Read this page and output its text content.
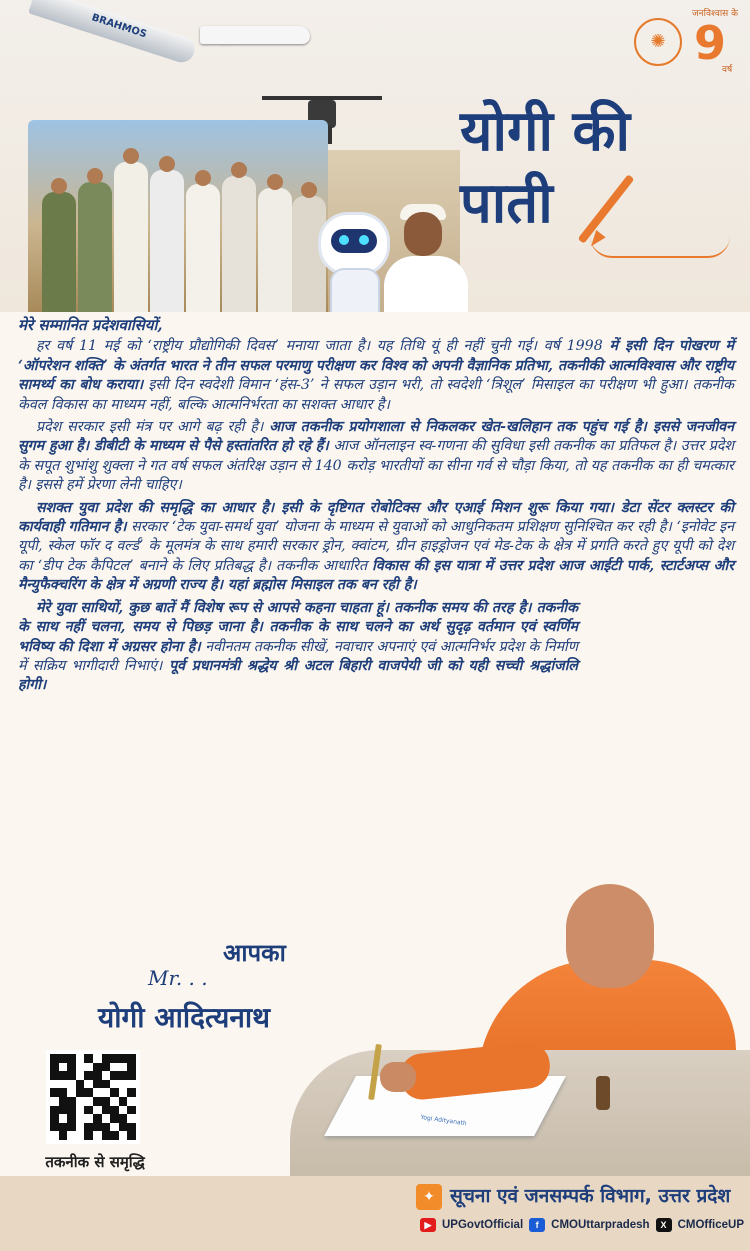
BRAHMOS
✺
जनविश्वास के
9
वर्ष
योगी की
पाती

मेरे सम्मानित प्रदेशवासियों,

हर वर्ष 11 मई को ‘राष्ट्रीय प्रौद्योगिकी दिवस’ मनाया जाता है। यह तिथि यूं ही नहीं चुनी गई। वर्ष 1998 में इसी दिन पोखरण में ‘ऑपरेशन शक्ति’ के अंतर्गत भारत ने तीन सफल परमाणु परीक्षण कर विश्व को अपनी वैज्ञानिक प्रतिभा, तकनीकी आत्मविश्वास और राष्ट्रीय सामर्थ्य का बोध कराया। इसी दिन स्वदेशी विमान ‘हंस-3’ ने सफल उड़ान भरी, तो स्वदेशी ‘त्रिशूल’ मिसाइल का परीक्षण भी हुआ। तकनीक केवल विकास का माध्यम नहीं, बल्कि आत्मनिर्भरता का सशक्त आधार है।

प्रदेश सरकार इसी मंत्र पर आगे बढ़ रही है। आज तकनीक प्रयोगशाला से निकलकर खेत-खलिहान तक पहुंच गई है। इससे जनजीवन सुगम हुआ है। डीबीटी के माध्यम से पैसे हस्तांतरित हो रहे हैं। आज ऑनलाइन स्व-गणना की सुविधा इसी तकनीक का प्रतिफल है। उत्तर प्रदेश के सपूत शुभांशु शुक्ला ने गत वर्ष सफल अंतरिक्ष उड़ान से 140 करोड़ भारतीयों का सीना गर्व से चौड़ा किया, तो यह तकनीक का ही चमत्कार है। इससे हमें प्रेरणा लेनी चाहिए।

सशक्त युवा प्रदेश की समृद्धि का आधार है। इसी के दृष्टिगत रोबोटिक्स और एआई मिशन शुरू किया गया। डेटा सेंटर क्लस्टर की कार्यवाही गतिमान है। सरकार ‘टेक युवा-समर्थ युवा’ योजना के माध्यम से युवाओं को आधुनिकतम प्रशिक्षण सुनिश्चित कर रही है। ‘इनोवेट इन यूपी, स्केल फॉर द वर्ल्ड’ के मूलमंत्र के साथ हमारी सरकार ड्रोन, क्वांटम, ग्रीन हाइड्रोजन एवं मेड-टेक के क्षेत्र में प्रगति करते हुए यूपी को देश का ‘डीप टेक कैपिटल’ बनाने के लिए प्रतिबद्ध है। तकनीक आधारित विकास की इस यात्रा में उत्तर प्रदेश आज आईटी पार्क, स्टार्टअप्स और मैन्युफैक्चरिंग के क्षेत्र में अग्रणी राज्य है। यहां ब्रह्मोस मिसाइल तक बन रही है।

मेरे युवा साथियों, कुछ बातें मैं विशेष रूप से आपसे कहना चाहता हूं। तकनीक समय की तरह है। तकनीक के साथ नहीं चलना, समय से पिछड़ जाना है। तकनीक के साथ चलने का अर्थ सुदृढ़ वर्तमान एवं स्वर्णिम भविष्य की दिशा में अग्रसर होना है। नवीनतम तकनीक सीखें, नवाचार अपनाएं एवं आत्मनिर्भर प्रदेश के निर्माण में सक्रिय भागीदारी निभाएं। पूर्व प्रधानमंत्री श्रद्धेय श्री अटल बिहारी वाजपेयी जी को यही सच्ची श्रद्धांजलि होगी।

आपका
Mr. . .
योगी आदित्यनाथ
तकनीक से समृद्धि
Yogi Adityanath
✦ सूचना एवं जनसम्पर्क विभाग, उत्तर प्रदेश
▶ UPGovtOfficial	f	CMOUttarpradesh	X CMOfficeUP
